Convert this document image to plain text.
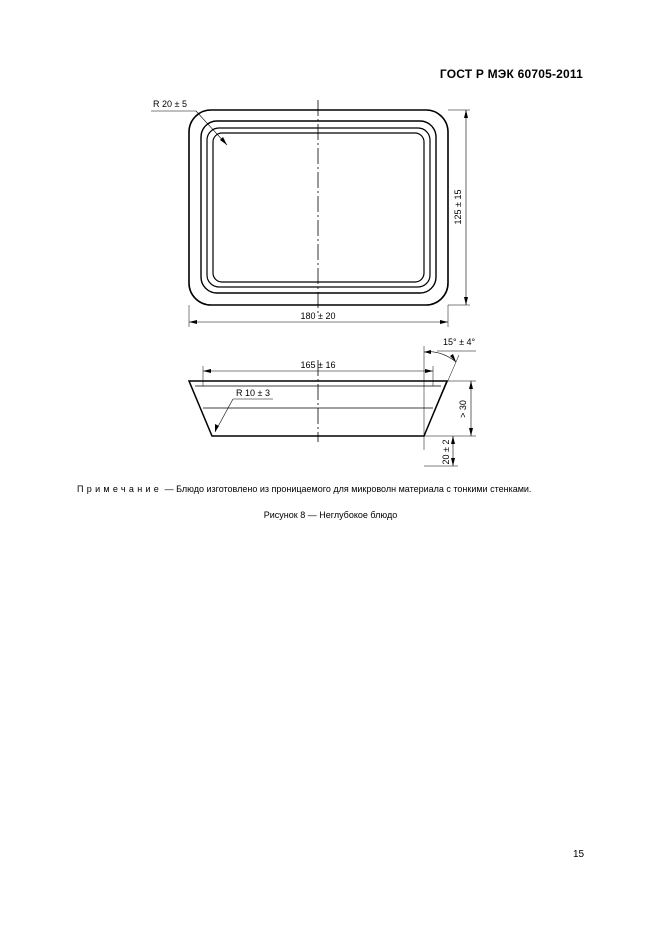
ГОСТ Р МЭК 60705-2011
R 20 ± 5
125 ± 15
180 ± 20
165 ± 16
15° ± 4°
R 10 ± 3
> 30
20 ± 2
Примечание — Блюдо изготовлено из проницаемого для микроволн материала с тонкими стенками.
Рисунок 8 — Неглубокое блюдо
15
